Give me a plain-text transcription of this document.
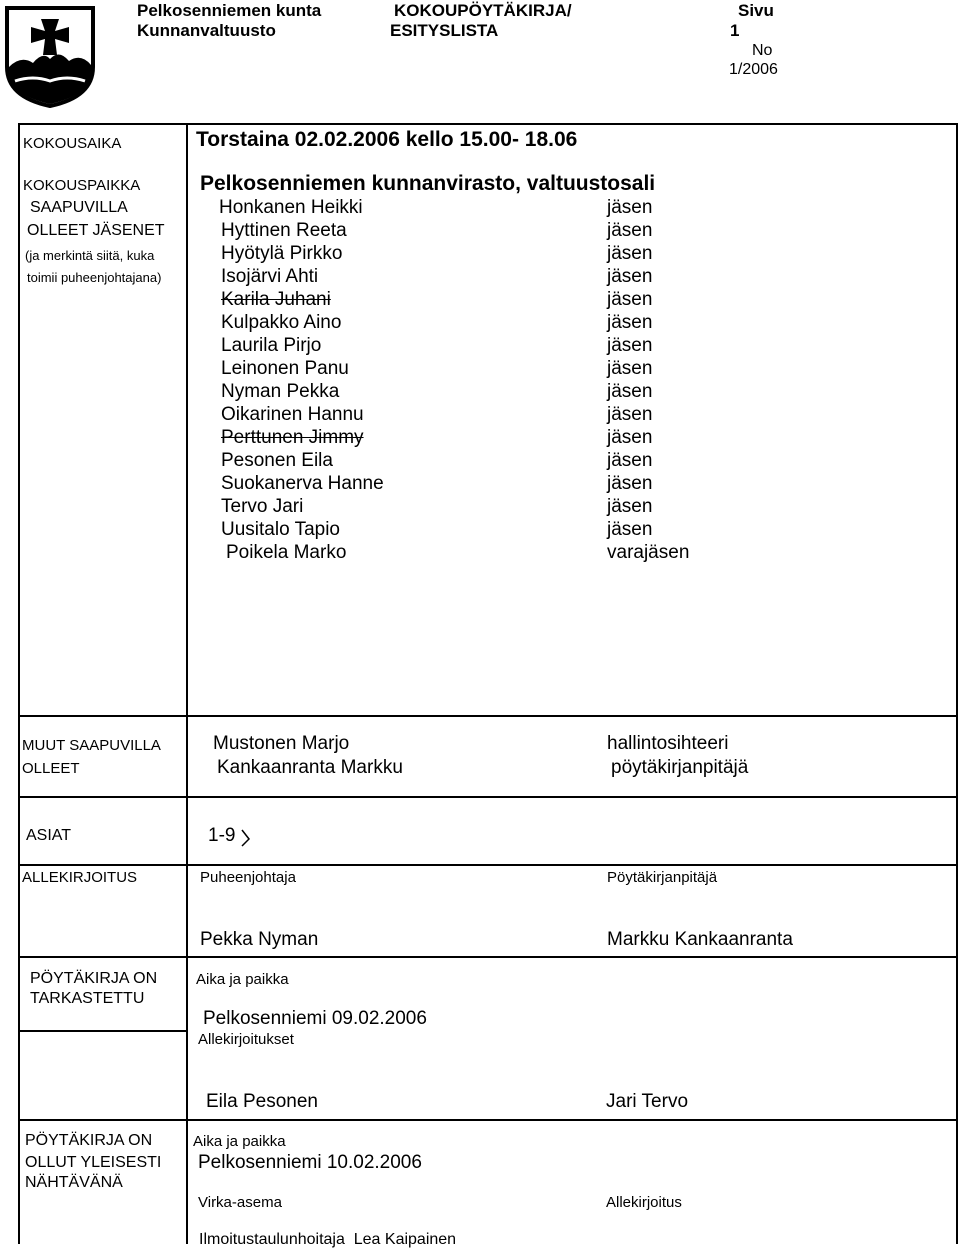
Pelkosenniemen kunta
Kunnanvaltuusto
KOKOUPÖYTÄKIRJA/
ESITYSLISTA
Sivu
1
No
1/2006
KOKOUSAIKA	Torstaina 02.02.2006 kello 15.00- 18.06
KOKOUSPAIKKA	Pelkosenniemen kunnanvirasto, valtuustosali
SAAPUVILLA
OLLEET JÄSENET
(ja merkintä siitä, kuka
toimii puheenjohtajana)
Honkanen Heikki	jäsen
Hyttinen Reeta	jäsen
Hyötylä Pirkko	jäsen
Isojärvi Ahti	jäsen
Karila Juhani	jäsen
Kulpakko Aino	jäsen
Laurila Pirjo	jäsen
Leinonen Panu	jäsen
Nyman Pekka	jäsen
Oikarinen Hannu	jäsen
Perttunen Jimmy	jäsen
Pesonen Eila	jäsen
Suokanerva Hanne	jäsen
Tervo Jari	jäsen
Uusitalo Tapio	jäsen
Poikela Marko	varajäsen
MUUT SAAPUVILLA
OLLEET
Mustonen Marjo	hallintosihteeri
Kankaanranta Markku	pöytäkirjanpitäjä
ASIAT	1-9
ALLEKIRJOITUS	Puheenjohtaja	Pöytäkirjanpitäjä
Pekka Nyman	Markku Kankaanranta
PÖYTÄKIRJA ON
TARKASTETTU
Aika ja paikka
Pelkosenniemi 09.02.2006
Allekirjoitukset
Eila Pesonen	Jari Tervo
PÖYTÄKIRJA ON
OLLUT YLEISESTI
NÄHTÄVÄNÄ
Aika ja paikka
Pelkosenniemi 10.02.2006
Virka-asema	Allekirjoitus
Ilmoitustaulunhoitaja  Lea Kaipainen
